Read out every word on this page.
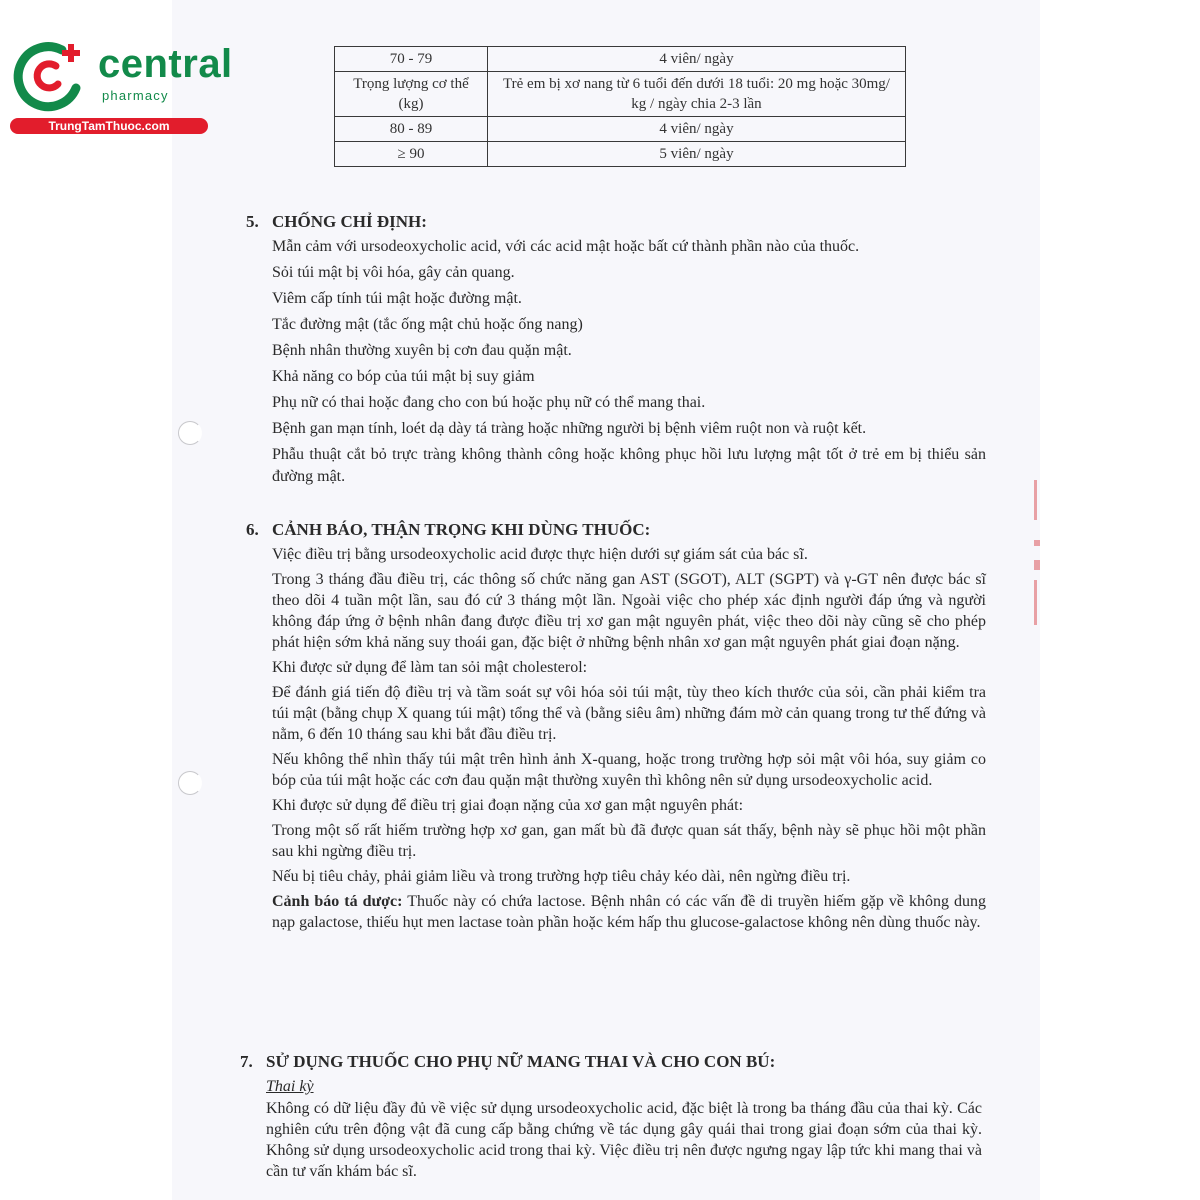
central
pharmacy
TrungTamThuoc.com
70 - 79	4 viên/ ngày
Trọng lượng cơ thể (kg)	Trẻ em bị xơ nang từ 6 tuổi đến dưới 18 tuổi: 20 mg hoặc 30mg/ kg / ngày chia 2-3 lần
80 - 89	4 viên/ ngày
≥ 90	5 viên/ ngày
5. CHỐNG CHỈ ĐỊNH:

Mẫn cảm với ursodeoxycholic acid, với các acid mật hoặc bất cứ thành phần nào của thuốc.

Sỏi túi mật bị vôi hóa, gây cản quang.

Viêm cấp tính túi mật hoặc đường mật.

Tắc đường mật (tắc ống mật chủ hoặc ống nang)

Bệnh nhân thường xuyên bị cơn đau quặn mật.

Khả năng co bóp của túi mật bị suy giảm

Phụ nữ có thai hoặc đang cho con bú hoặc phụ nữ có thể mang thai.

Bệnh gan mạn tính, loét dạ dày tá tràng hoặc những người bị bệnh viêm ruột non và ruột kết.

Phẫu thuật cắt bỏ trực tràng không thành công hoặc không phục hồi lưu lượng mật tốt ở trẻ em bị thiểu sản đường mật.

6. CẢNH BÁO, THẬN TRỌNG KHI DÙNG THUỐC:

Việc điều trị bằng ursodeoxycholic acid được thực hiện dưới sự giám sát của bác sĩ.

Trong 3 tháng đầu điều trị, các thông số chức năng gan AST (SGOT), ALT (SGPT) và γ-GT nên được bác sĩ theo dõi 4 tuần một lần, sau đó cứ 3 tháng một lần. Ngoài việc cho phép xác định người đáp ứng và người không đáp ứng ở bệnh nhân đang được điều trị xơ gan mật nguyên phát, việc theo dõi này cũng sẽ cho phép phát hiện sớm khả năng suy thoái gan, đặc biệt ở những bệnh nhân xơ gan mật nguyên phát giai đoạn nặng.

Khi được sử dụng để làm tan sỏi mật cholesterol:

Để đánh giá tiến độ điều trị và tầm soát sự vôi hóa sỏi túi mật, tùy theo kích thước của sỏi, cần phải kiểm tra túi mật (bằng chụp X quang túi mật) tổng thể và (bằng siêu âm) những đám mờ cản quang trong tư thế đứng và nằm, 6 đến 10 tháng sau khi bắt đầu điều trị.

Nếu không thể nhìn thấy túi mật trên hình ảnh X-quang, hoặc trong trường hợp sỏi mật vôi hóa, suy giảm co bóp của túi mật hoặc các cơn đau quặn mật thường xuyên thì không nên sử dụng ursodeoxycholic acid.

Khi được sử dụng để điều trị giai đoạn nặng của xơ gan mật nguyên phát:

Trong một số rất hiếm trường hợp xơ gan, gan mất bù đã được quan sát thấy, bệnh này sẽ phục hồi một phần sau khi ngừng điều trị.

Nếu bị tiêu chảy, phải giảm liều và trong trường hợp tiêu chảy kéo dài, nên ngừng điều trị.

Cảnh báo tá dược: Thuốc này có chứa lactose. Bệnh nhân có các vấn đề di truyền hiếm gặp về không dung nạp galactose, thiếu hụt men lactase toàn phần hoặc kém hấp thu glucose-galactose không nên dùng thuốc này.

7. SỬ DỤNG THUỐC CHO PHỤ NỮ MANG THAI VÀ CHO CON BÚ:
Thai kỳ

Không có dữ liệu đầy đủ về việc sử dụng ursodeoxycholic acid, đặc biệt là trong ba tháng đầu của thai kỳ. Các nghiên cứu trên động vật đã cung cấp bằng chứng về tác dụng gây quái thai trong giai đoạn sớm của thai kỳ. Không sử dụng ursodeoxycholic acid trong thai kỳ. Việc điều trị nên được ngưng ngay lập tức khi mang thai và cần tư vấn khám bác sĩ.
